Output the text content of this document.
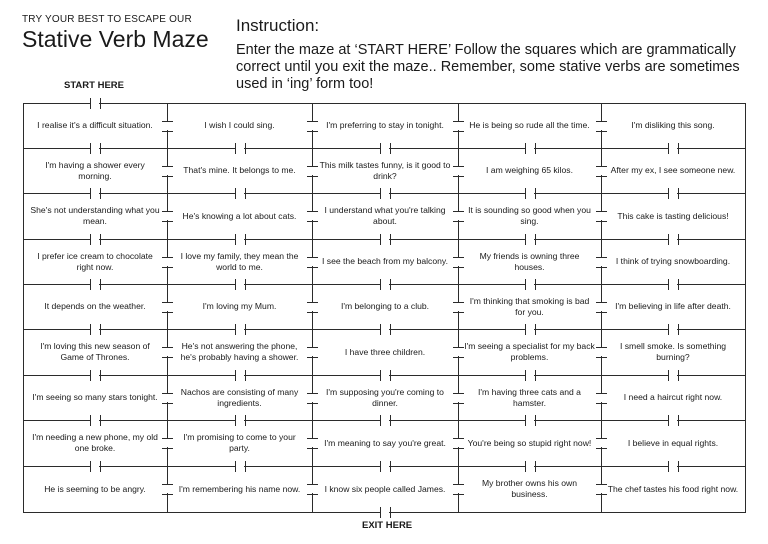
TRY YOUR BEST TO ESCAPE OUR
Stative Verb Maze
Instruction:
Enter the maze at ‘START HERE’ Follow the squares which are grammatically correct until you exit the maze.. Remember, some stative verbs are sometimes used in ‘ing’ form too!
START HERE
I realise it's a difficult situation.	I wish I could sing.	I'm preferring to stay in tonight.	He is being so rude all the time.	I'm disliking this song.
I'm having a shower every morning.
That's mine. It belongs to me.
This milk tastes funny, is it good to drink?
I am weighing 65 kilos.	After my ex, I see someone new.
She's not understanding what you mean.
He's knowing a lot about cats.
I understand what you're talking about.
It is sounding so good when you sing.
This cake is tasting delicious!
I prefer ice cream to chocolate right now.
I love my family, they mean the world to me.
I see the beach from my balcony.
My friends is owning three houses.
I think of trying snowboarding.
It depends on the weather.	I'm loving my Mum.	I'm belonging to a club.
I'm thinking that smoking is bad for you.
I'm believing in life after death.
I'm loving this new season of Game of Thrones.
He's not answering the phone, he's probably having a shower.
I have three children.
I'm seeing a specialist for my back problems.
I smell smoke. Is something burning?
I'm seeing so many stars tonight.
Nachos are consisting of many ingredients.
I'm supposing you're coming to dinner.
I'm having three cats and a hamster.
I need a haircut right now.
I'm needing a new phone, my old one broke.
I'm promising to come to your party.
I'm meaning to say you're great.	You're being so stupid right now!	I believe in equal rights.
He is seeming to be angry.	I'm remembering his name now.	I know six people called James.
My brother owns his own business.
The chef tastes his food right now.
EXIT HERE
